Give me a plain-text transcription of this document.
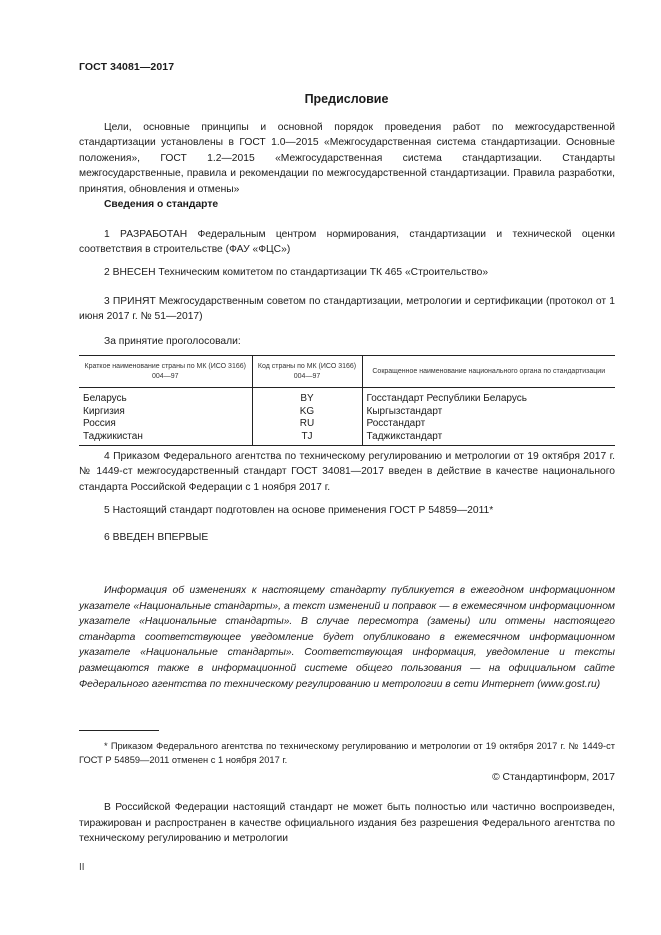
ГОСТ 34081—2017
Предисловие

Цели, основные принципы и основной порядок проведения работ по межгосударственной стандартизации установлены в ГОСТ 1.0—2015 «Межгосударственная система стандартизации. Основные положения», ГОСТ 1.2—2015 «Межгосударственная система стандартизации. Стандарты межгосударственные, правила и рекомендации по межгосударственной стандартизации. Правила разработки, принятия, обновления и отмены»

Сведения о стандарте

1 РАЗРАБОТАН Федеральным центром нормирования, стандартизации и технической оценки соответствия в строительстве (ФАУ «ФЦС»)

2 ВНЕСЕН Техническим комитетом по стандартизации ТК 465 «Строительство»

3 ПРИНЯТ Межгосударственным советом по стандартизации, метрологии и сертификации (протокол от 1 июня 2017 г. № 51—2017)

За принятие проголосовали:

Краткое наименование страны по МК (ИСО 3166) 004—97	Код страны по МК (ИСО 3166) 004—97	Сокращенное наименование национального органа по стандартизации
Беларусь	BY	Госстандарт Республики Беларусь
Киргизия	KG	Кыргызстандарт
Россия	RU	Росстандарт
Таджикистан	TJ	Таджикстандарт

4 Приказом Федерального агентства по техническому регулированию и метрологии от 19 октября 2017 г. № 1449-ст межгосударственный стандарт ГОСТ 34081—2017 введен в действие в качестве национального стандарта Российской Федерации с 1 ноября 2017 г.

5 Настоящий стандарт подготовлен на основе применения ГОСТ Р 54859—2011*

6 ВВЕДЕН ВПЕРВЫЕ

Информация об изменениях к настоящему стандарту публикуется в ежегодном информационном указателе «Национальные стандарты», а текст изменений и поправок — в ежемесячном информационном указателе «Национальные стандарты». В случае пересмотра (замены) или отмены настоящего стандарта соответствующее уведомление будет опубликовано в ежемесячном информационном указателе «Национальные стандарты». Соответствующая информация, уведомление и тексты размещаются также в информационной системе общего пользования — на официальном сайте Федерального агентства по техническому регулированию и метрологии в сети Интернет (www.gost.ru)

* Приказом Федерального агентства по техническому регулированию и метрологии от 19 октября 2017 г. № 1449-ст ГОСТ Р 54859—2011 отменен с 1 ноября 2017 г.

© Стандартинформ, 2017

В Российской Федерации настоящий стандарт не может быть полностью или частично воспроизведен, тиражирован и распространен в качестве официального издания без разрешения Федерального агентства по техническому регулированию и метрологии

II
